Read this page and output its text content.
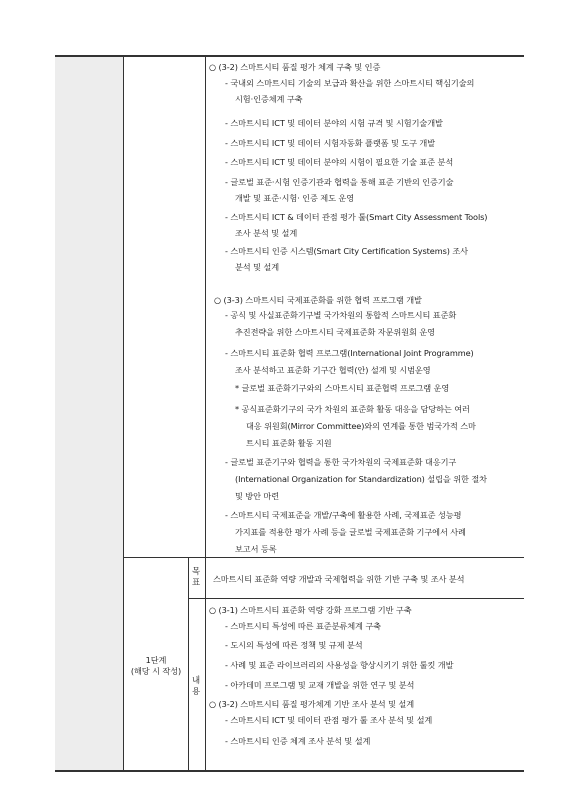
○ (3-2) 스마트시티 품질 평가 체계 구축 및 인증
- 국내외 스마트시티 기술의 보급과 확산을 위한 스마트시티 핵심기술의
시험·인증체계 구축
- 스마트시티 ICT 및 데이터 분야의 시험 규격 및 시험기술개발
- 스마트시티 ICT 및 데이터 시험자동화 플랫폼 및 도구 개발
- 스마트시티 ICT 및 데이터 분야의 시험이 필요한 기술 표준 분석
- 글로벌 표준·시험 인증기관과 협력을 통해 표준 기반의 인증기술
개발 및 표준·시험· 인증 제도 운영
- 스마트시티 ICT & 데이터 관점 평가 툴(Smart City Assessment Tools)
조사 분석 및 설계
- 스마트시티 인증 시스템(Smart City Certification Systems) 조사
분석 및 설계
○ (3-3) 스마트시티 국제표준화를 위한 협력 프로그램 개발
- 공식 및 사실표준화기구별 국가차원의 통합적 스마트시티 표준화
추진전략을 위한 스마트시티 국제표준화 자문위원회 운영
- 스마트시티 표준화 협력 프로그램(International Joint Programme)
조사 분석하고 표준화 기구간 협력(안) 설계 및 시범운영
* 글로벌 표준화기구와의 스마트시티 표준협력 프로그램 운영
* 공식표준화기구의 국가 차원의 표준화 활동 대응을 담당하는 여러
대응 위원회(Mirror Committee)와의 연계를 통한 범국가적 스마
트시티 표준화 활동 지원
- 글로벌 표준기구와 협력을 통한 국가차원의 국제표준화 대응기구
(International Organization for Standardization) 설립을 위한 절차
및 방안 마련
- 스마트시티 국제표준을 개발/구축에 활용한 사례, 국제표준 성능평
가지표를 적용한 평가 사례 등을 글로벌 국제표준화 기구에서 사례
보고서 등록
1단계
(해당 시 작성)
목표 스마트시티 표준화 역량 개발과 국제협력을 위한 기반 구축 및 조사 분석
내용
○ (3-1) 스마트시티 표준화 역량 강화 프로그램 기반 구축
- 스마트시티 특성에 따른 표준분류체계 구축
- 도시의 특성에 따른 정책 및 규제 분석
- 사례 및 표준 라이브러리의 사용성을 향상시키기 위한 툴킷 개발
- 아카데미 프로그램 및 교재 개발을 위한 연구 및 분석
○ (3-2) 스마트시티 품질 평가체계 기반 조사 분석 및 설계
- 스마트시티 ICT 및 데이터 관점 평가 툴 조사 분석 및 설계
- 스마트시티 인증 체계 조사 분석 및 설계
